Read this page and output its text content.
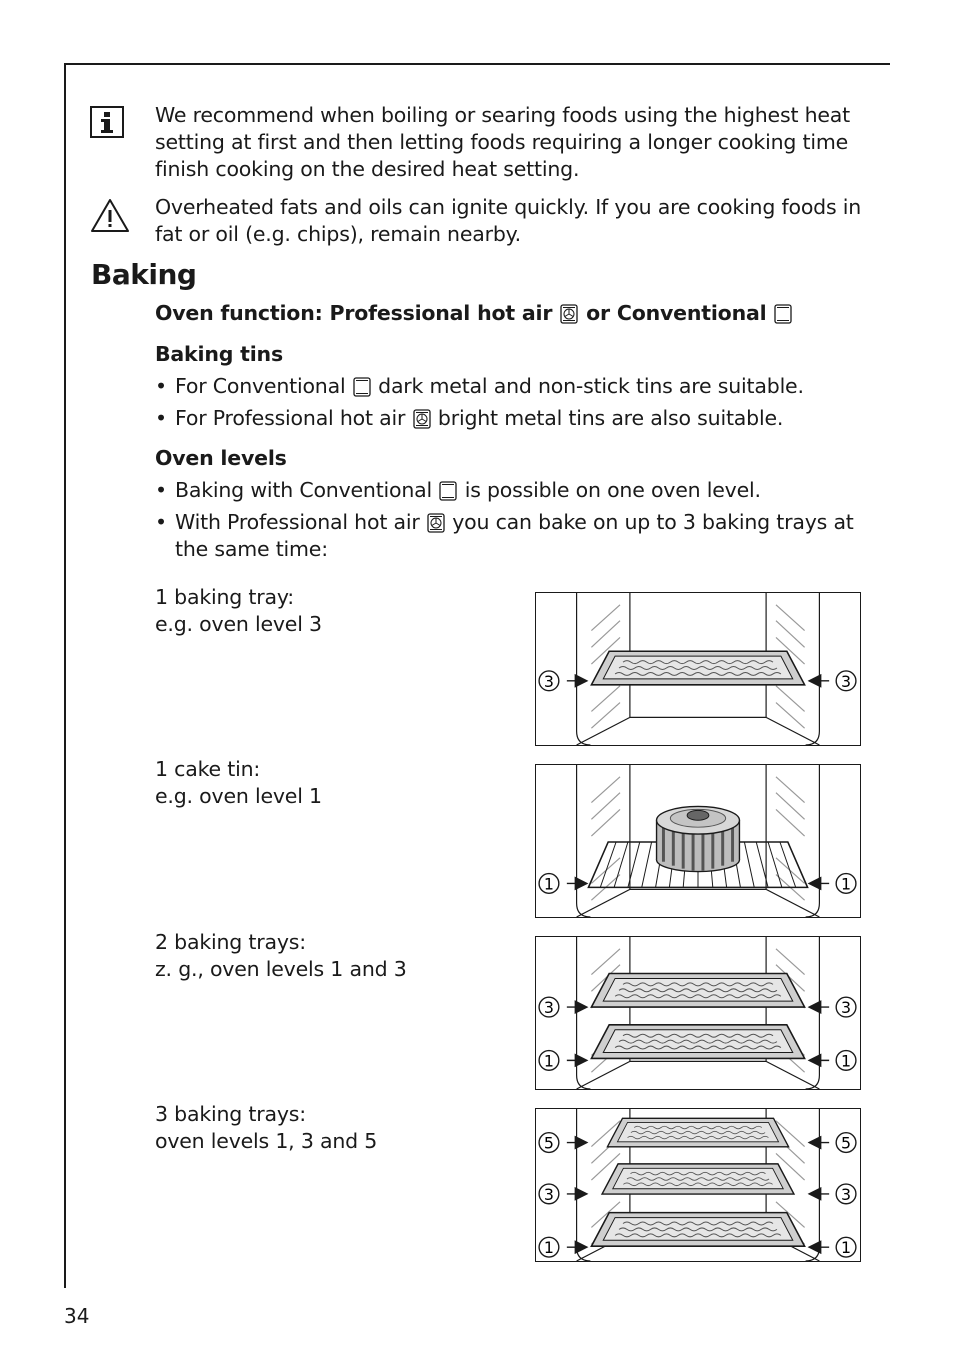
We recommend when boiling or searing foods using the highest heat setting at first and then letting foods requiring a longer cooking time finish cooking on the desired heat setting.
Overheated fats and oils can ignite quickly. If you are cooking foods in fat or oil (e.g. chips), remain nearby.
Baking
Oven function: Professional hot air or Conventional
Baking tins
• For Conventional dark metal and non-stick tins are suitable.
• For Professional hot air bright metal tins are also suitable.
Oven levels
• Baking with Conventional is possible on one oven level.
• With Professional hot air you can bake on up to 3 baking trays at the same time:
1 baking tray:
e.g. oven level 3
3	3
1 cake tin:
e.g. oven level 1
1	1
2 baking trays:
z. g., oven levels 1 and 3
3	3
1	1
3 baking trays:
oven levels 1, 3 and 5	5	5
3	3
1	1
34
